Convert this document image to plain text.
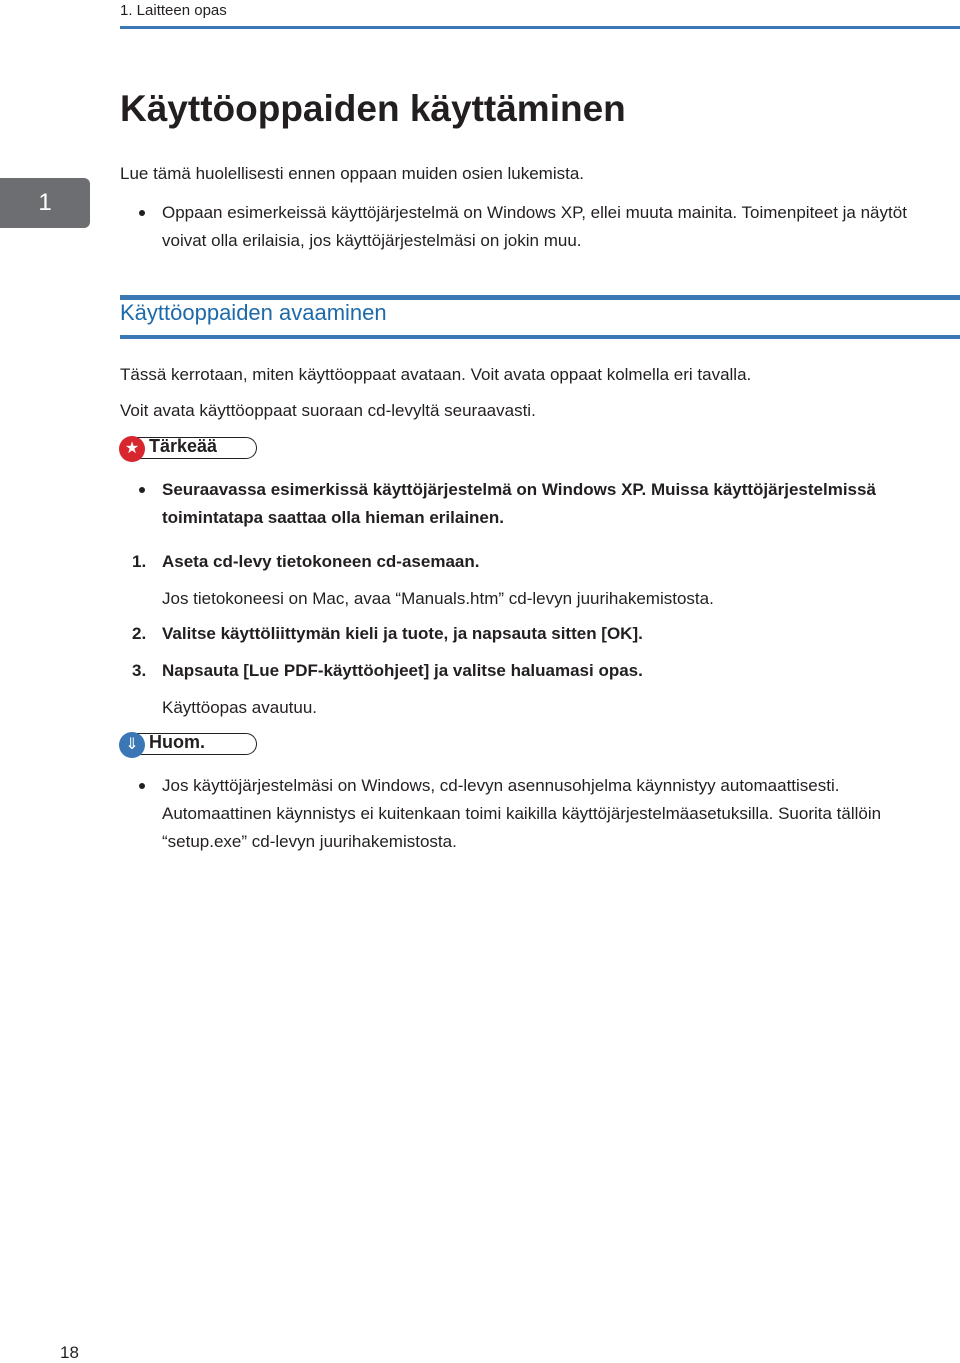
1. Laitteen opas
1
Käyttöoppaiden käyttäminen
Lue tämä huolellisesti ennen oppaan muiden osien lukemista.
Oppaan esimerkeissä käyttöjärjestelmä on Windows XP, ellei muuta mainita. Toimenpiteet ja näytöt voivat olla erilaisia, jos käyttöjärjestelmäsi on jokin muu.
Käyttöoppaiden avaaminen
Tässä kerrotaan, miten käyttöoppaat avataan. Voit avata oppaat kolmella eri tavalla.
Voit avata käyttöoppaat suoraan cd-levyltä seuraavasti.
★ Tärkeää
Seuraavassa esimerkissä käyttöjärjestelmä on Windows XP. Muissa käyttöjärjestelmissä toimintatapa saattaa olla hieman erilainen.
1. Aseta cd-levy tietokoneen cd-asemaan.
Jos tietokoneesi on Mac, avaa “Manuals.htm” cd-levyn juurihakemistosta.
2. Valitse käyttöliittymän kieli ja tuote, ja napsauta sitten [OK].
3. Napsauta [Lue PDF-käyttöohjeet] ja valitse haluamasi opas.
Käyttöopas avautuu.
⇓ Huom.
Jos käyttöjärjestelmäsi on Windows, cd-levyn asennusohjelma käynnistyy automaattisesti. Automaattinen käynnistys ei kuitenkaan toimi kaikilla käyttöjärjestelmäasetuksilla. Suorita tällöin “setup.exe” cd-levyn juurihakemistosta.
18
